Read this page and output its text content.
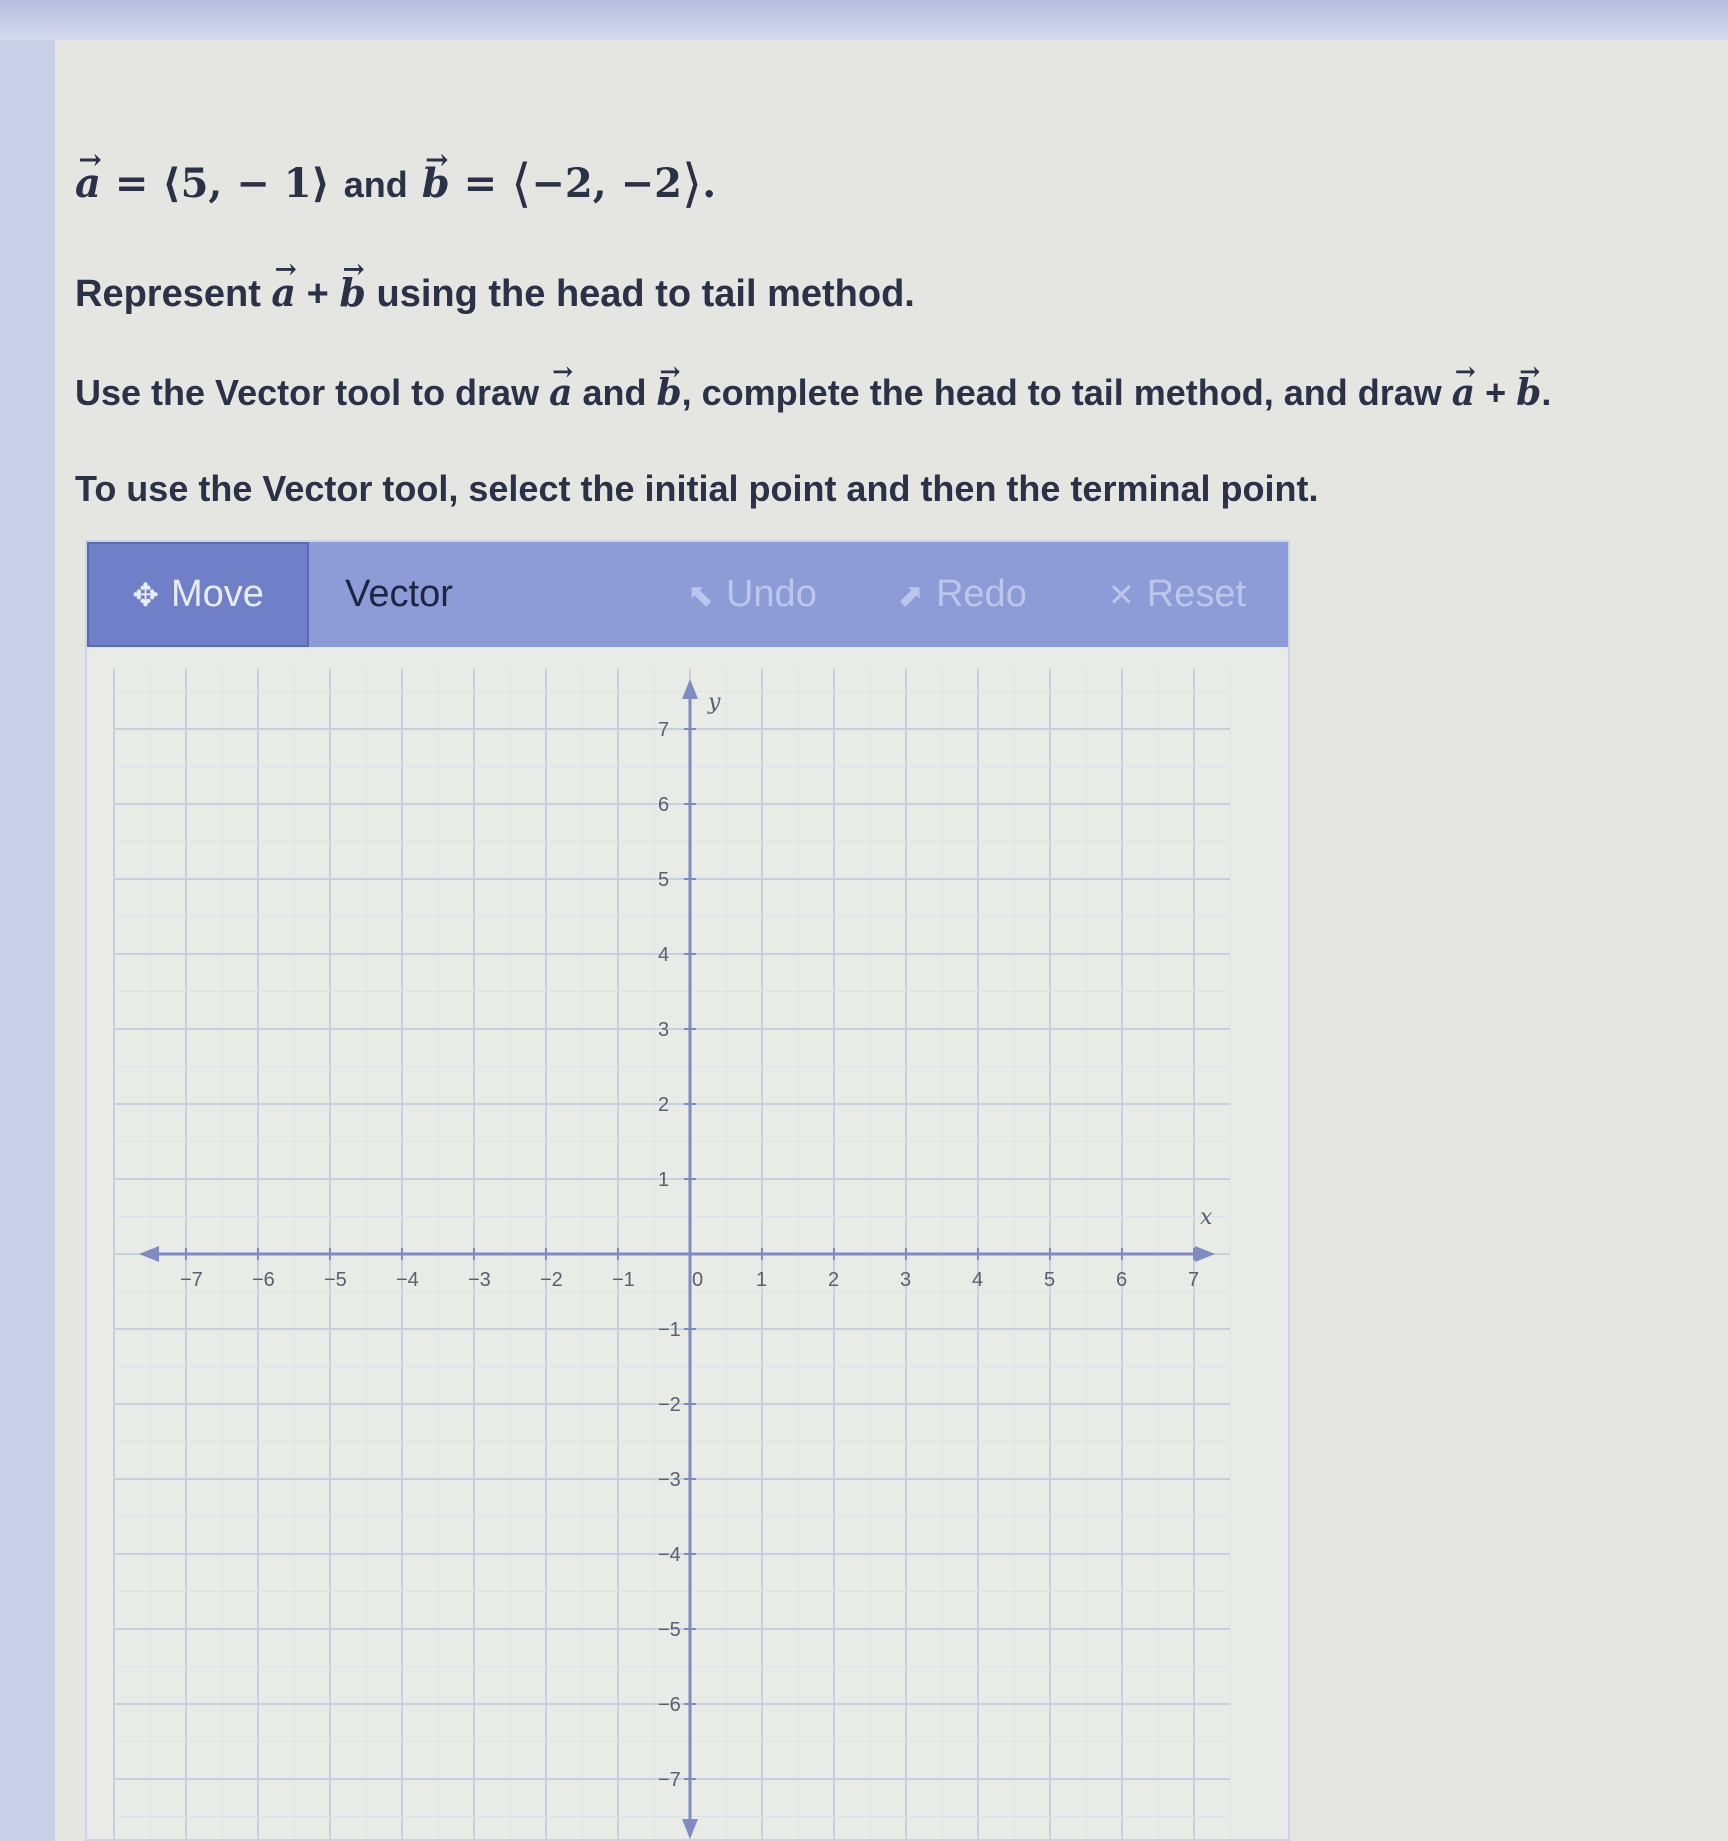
→ a = ⟨5, − 1⟩ and → b = ⟨−2, −2⟩.
Represent → a + → b using the head to tail method.
Use the Vector tool to draw → a and → b, complete the head to tail method, and draw → a + → b.
To use the Vector tool, select the initial point and then the terminal point.
✥ Move Vector	⬉ Undo	⬈ Redo	✕ Reset
x
y
−7 −6 −5 −4 −3 −2 −1	0	1	2	3	4	5	6	7
7
6
5
4
3
2
1
−1
−2
−3
−4
−5
−6
−7
